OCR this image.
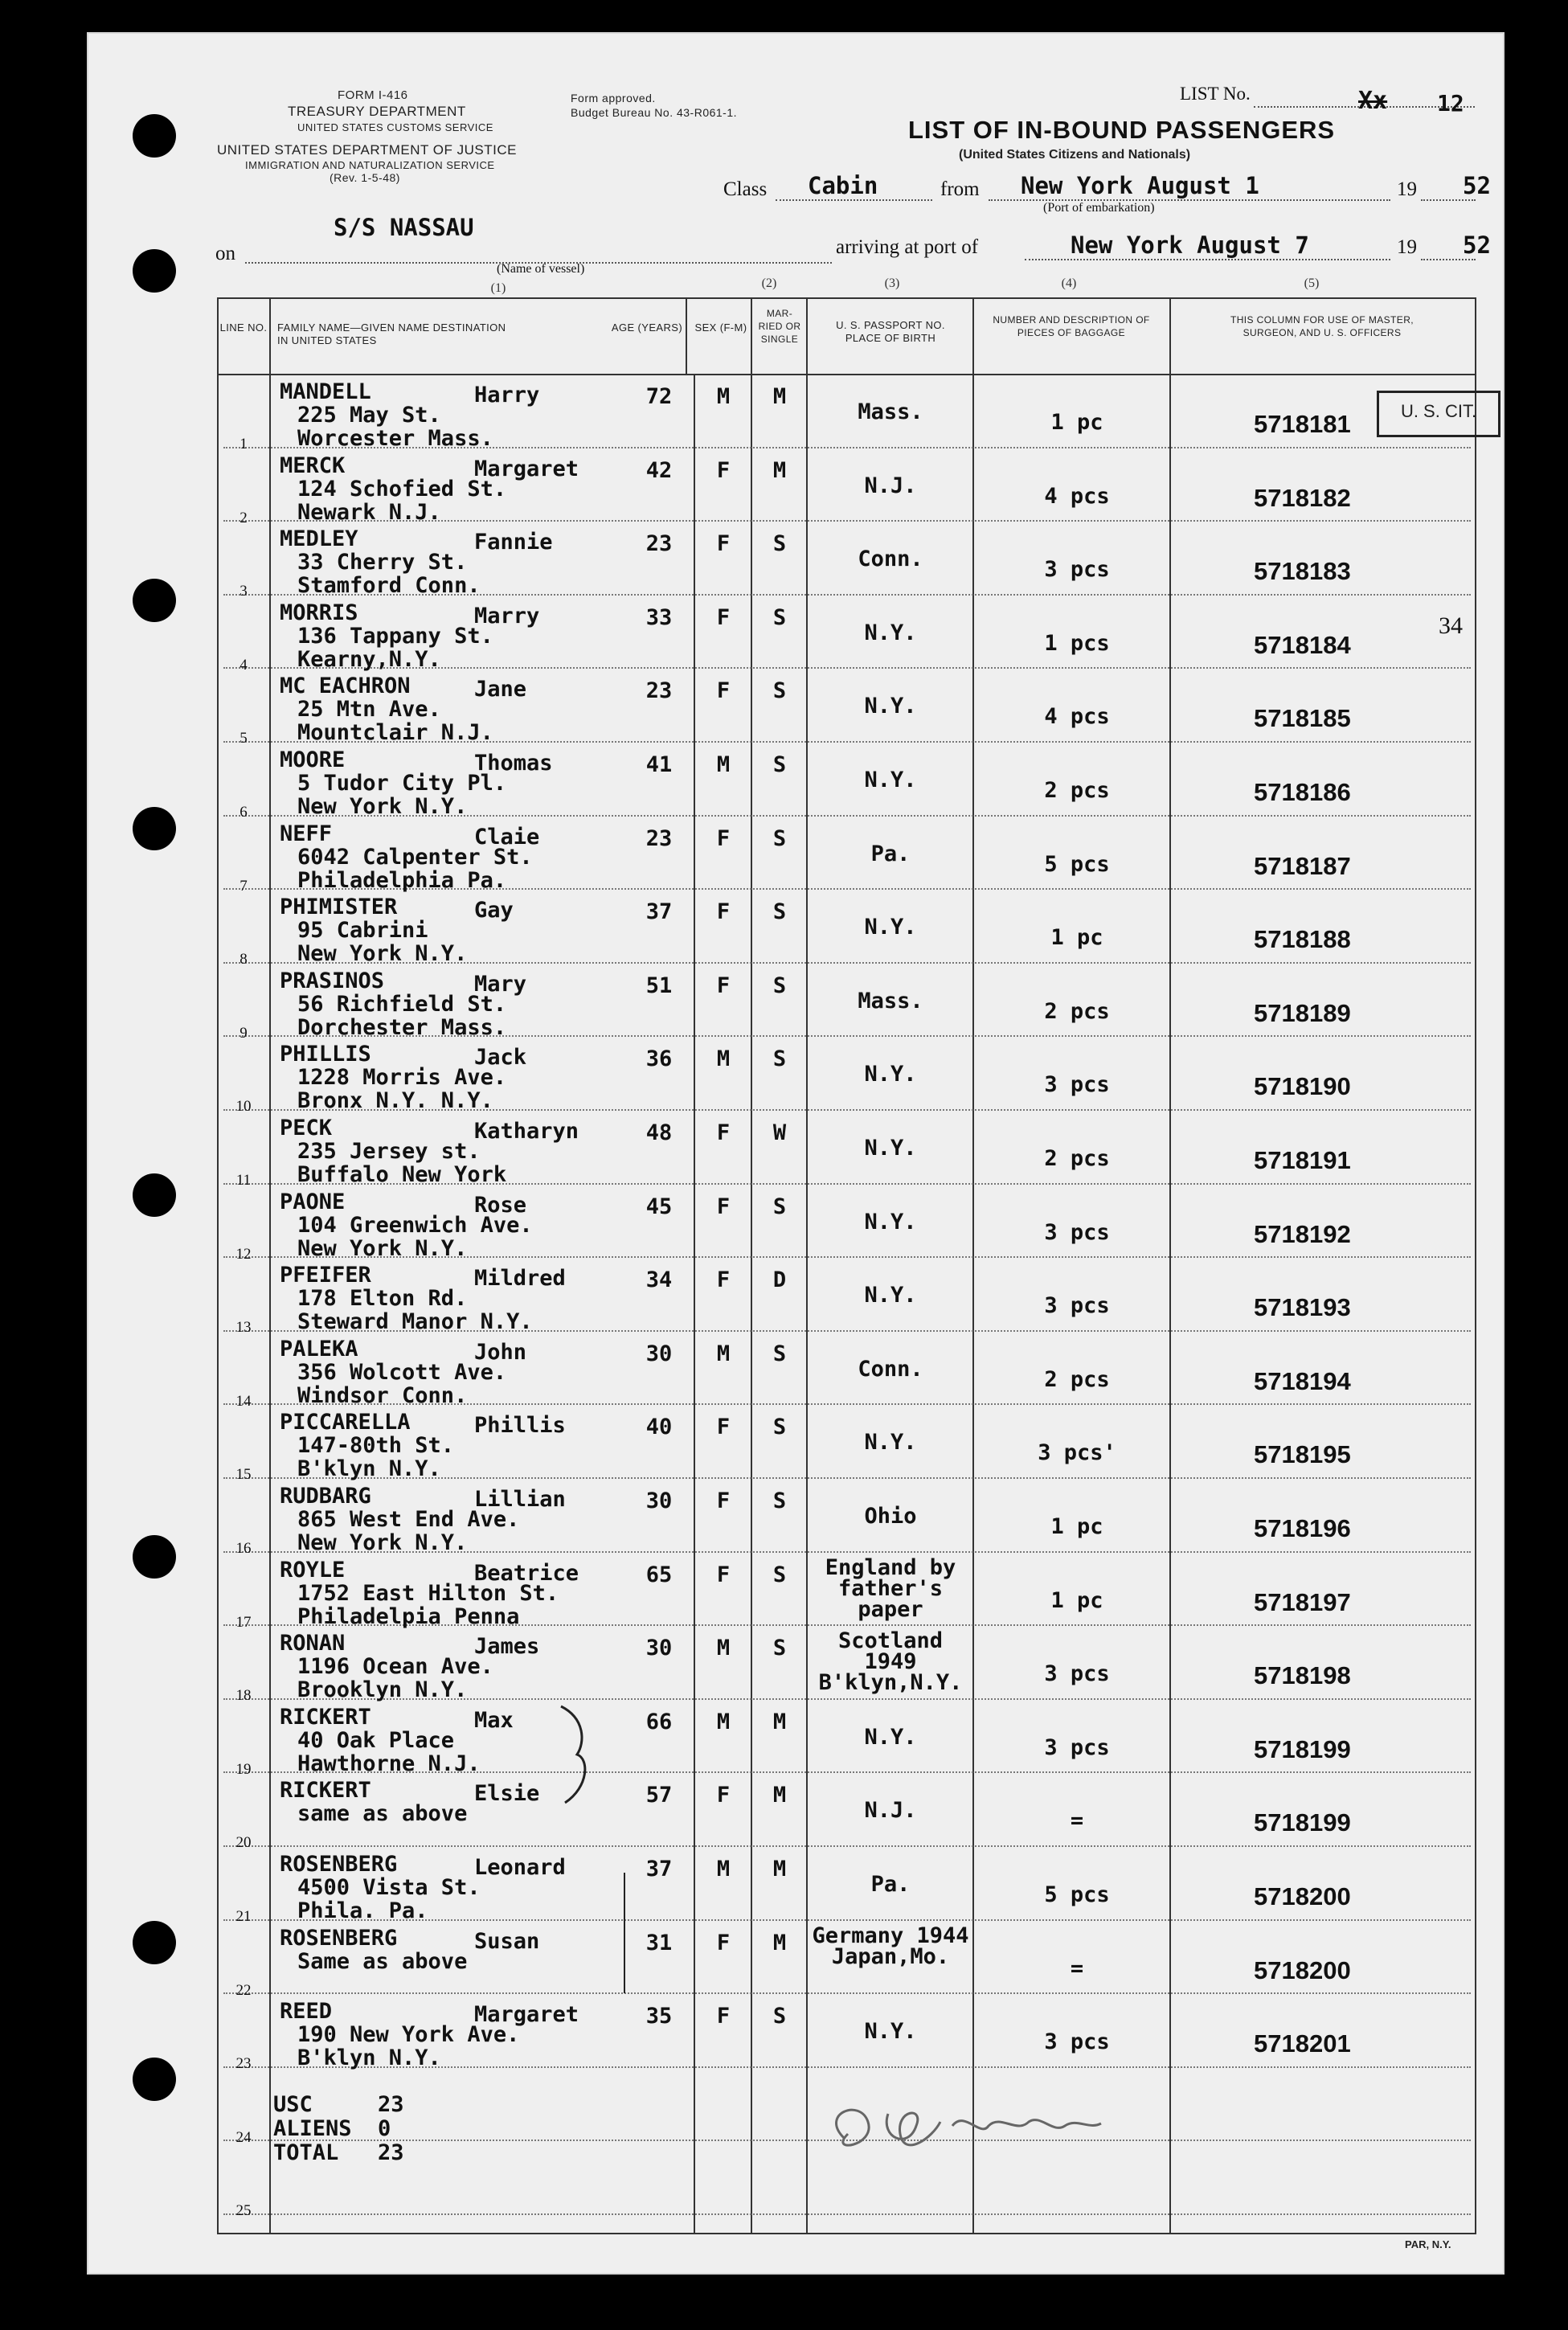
FORM I-416
TREASURY DEPARTMENT
UNITED STATES CUSTOMS SERVICE
UNITED STATES DEPARTMENT OF JUSTICE
IMMIGRATION AND NATURALIZATION SERVICE
(Rev. 1-5-48)
Form approved.
Budget Bureau No. 43-R061-1.
LIST No.	Xx 12
LIST OF IN-BOUND PASSENGERS
(United States Citizens and Nationals)
Class Cabin	from New York August 1
(Port of embarkation)
19 52
S/S NASSAU
on
(Name of vessel)
arriving at port of	New York August 7	19 52
(1)	(2)	(3)	(4)	(5)
LINE NO. FAMILY NAME—GIVEN NAME DESTINATION IN UNITED STATES
AGE (YEARS) SEX (F-M)
MAR-RIED OR SINGLE
U. S. PASSPORT NO. PLACE OF BIRTH
NUMBER AND DESCRIPTION OF PIECES OF BAGGAGE
THIS COLUMN FOR USE OF MASTER, SURGEON, AND U. S. OFFICERS
1
MANDELL	Harry
225 May St.
Worcester Mass.
72	M	M
Mass.	1 pc	5718181
2
MERCK	Margaret
124 Schofied St.
Newark N.J.
42	F	M
N.J.	4 pcs	5718182
3
MEDLEY	Fannie
33 Cherry St.
Stamford Conn.
23	F	S
Conn.	3 pcs	5718183
4
MORRIS	Marry
136 Tappany St.
Kearny,N.Y.
33	F	S
N.Y.	1 pcs	5718184
5
MC EACHRON	Jane
25 Mtn Ave.
Mountclair N.J.
23	F	S
N.Y.	4 pcs	5718185
6
MOORE	Thomas
5 Tudor City Pl.
New York N.Y.
41	M	S
N.Y.	2 pcs	5718186
7
NEFF	Claie
6042 Calpenter St.
Philadelphia Pa.
23	F	S
Pa.	5 pcs	5718187
8
PHIMISTER	Gay
95 Cabrini
New York N.Y.
37	F	S
N.Y.	1 pc	5718188
9
PRASINOS	Mary
56 Richfield St.
Dorchester Mass.
51	F	S
Mass.	2 pcs	5718189
10
PHILLIS	Jack
1228 Morris Ave.
Bronx N.Y. N.Y.
36	M	S
N.Y.	3 pcs	5718190
11
PECK	Katharyn
235 Jersey st.
Buffalo New York
48	F	W
N.Y.	2 pcs	5718191
12
PAONE	Rose
104 Greenwich Ave.
New York N.Y.
45	F	S
N.Y.	3 pcs	5718192
13
PFEIFER	Mildred
178 Elton Rd.
Steward Manor N.Y.
34	F	D
N.Y.	3 pcs	5718193
14
PALEKA	John
356 Wolcott Ave.
Windsor Conn.
30	M	S
Conn.	2 pcs	5718194
15
PICCARELLA	Phillis
147-80th St.
B'klyn N.Y.
40	F	S
N.Y.	3 pcs'	5718195
16
RUDBARG	Lillian
865 West End Ave.
New York N.Y.
30	F	S
Ohio	1 pc	5718196
17
ROYLE	Beatrice
1752 East Hilton St.
Philadelpia Penna
65	F	S	England by father's paper	1 pc	5718197
18
RONAN	James
1196 Ocean Ave.
Brooklyn N.Y.
30	M	S	Scotland 1949 B'klyn,N.Y.	3 pcs	5718198
19
RICKERT	Max
40 Oak Place
Hawthorne N.J.
66	M	M
N.Y.	3 pcs	5718199
20
RICKERT	Elsie
same as above
57	F	M
N.J.	=	5718199
21
ROSENBERG	Leonard
4500 Vista St.
Phila. Pa.
37	M	M
Pa.	5 pcs	5718200
22
ROSENBERG	Susan
Same as above
31	F	M	Germany 1944 Japan,Mo.	=	5718200
23
REED	Margaret
190 New York Ave.
B'klyn N.Y.
35	F	S
N.Y.	3 pcs	5718201
24
25
U. S. CIT.
34
USC	23
ALIENS 0
TOTAL 23
PAR, N.Y.
